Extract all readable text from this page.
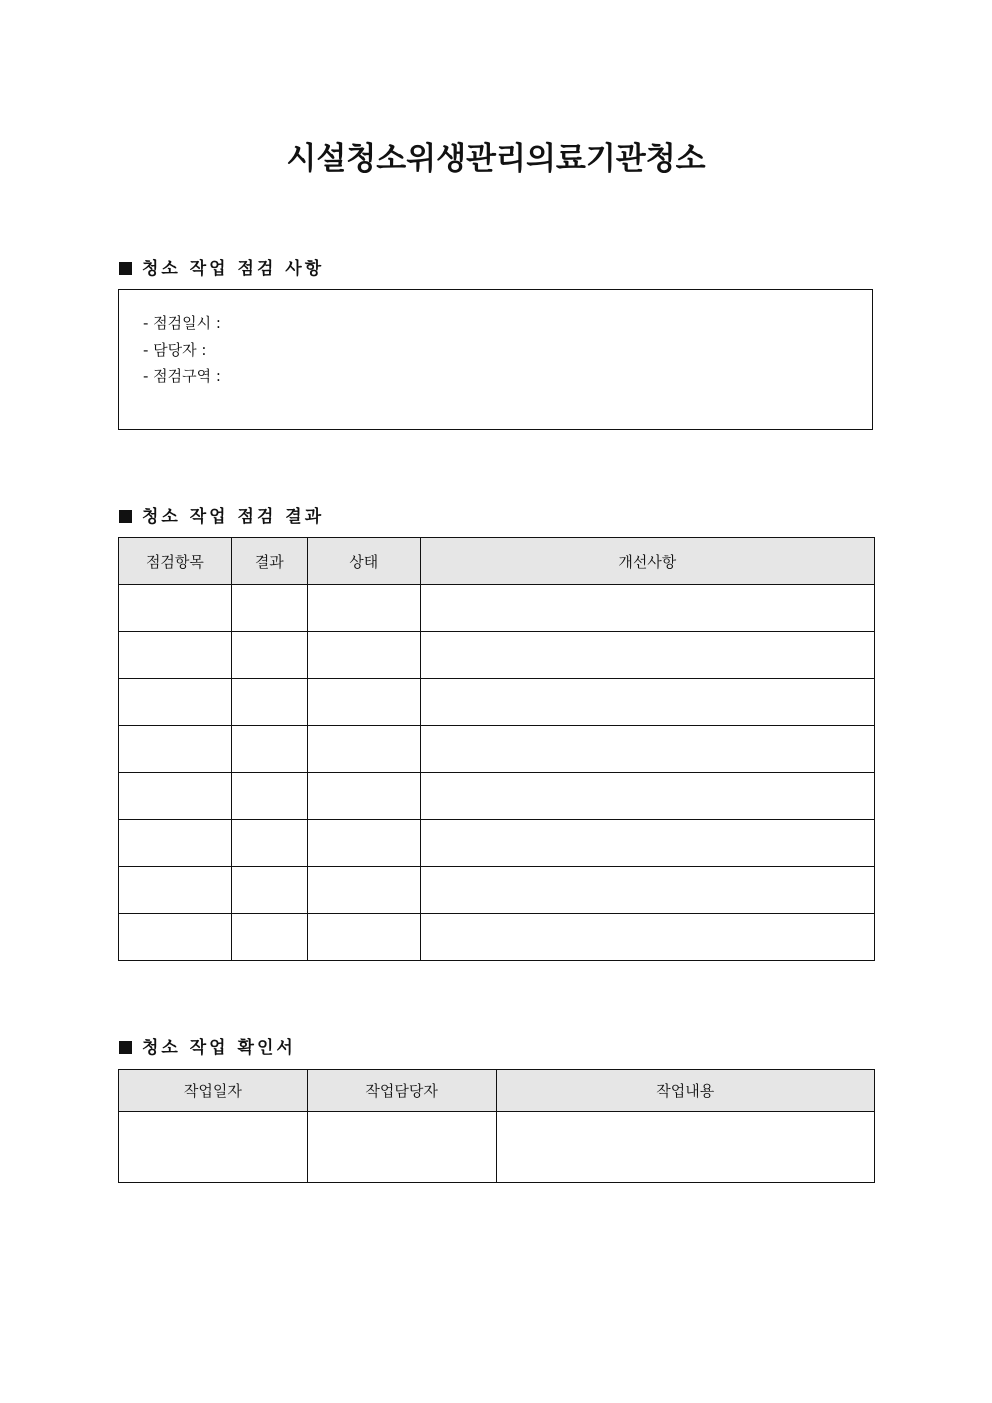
시설청소위생관리의료기관청소
청소 작업 점검 사항
- 점검일시 :
- 담당자 :
- 점검구역 :
청소 작업 점검 결과
점검항목	결과	상태	개선사항

청소 작업 확인서
작업일자	작업담당자	작업내용
